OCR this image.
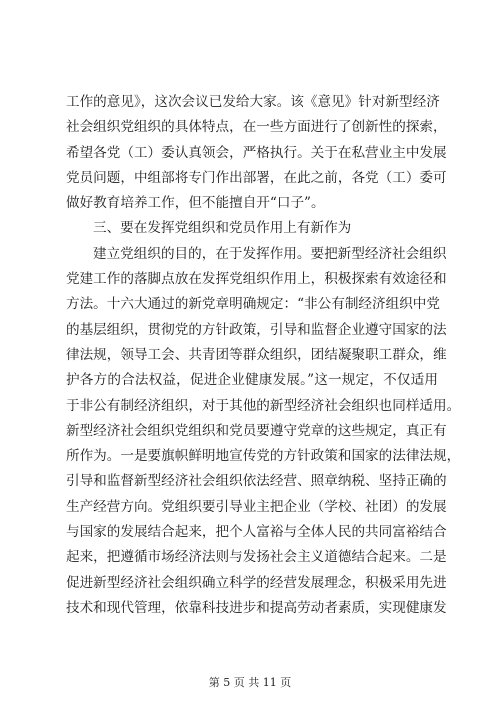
工作的意见》，这次会议已发给大家。该《意见》针对新型经济
社会组织党组织的具体特点，在一些方面进行了创新性的探索，
希望各党（工）委认真领会，严格执行。关于在私营业主中发展
党员问题，中组部将专门作出部署，在此之前，各党（工）委可
做好教育培养工作，但不能擅自开“口子”。
三、要在发挥党组织和党员作用上有新作为
建立党组织的目的，在于发挥作用。要把新型经济社会组织
党建工作的落脚点放在发挥党组织作用上，积极探索有效途径和
方法。十六大通过的新党章明确规定：“非公有制经济组织中党
的基层组织，贯彻党的方针政策，引导和监督企业遵守国家的法
律法规，领导工会、共青团等群众组织，团结凝聚职工群众，维
护各方的合法权益，促进企业健康发展。”这一规定，不仅适用
于非公有制经济组织，对于其他的新型经济社会组织也同样适用。
新型经济社会组织党组织和党员要遵守党章的这些规定，真正有
所作为。一是要旗帜鲜明地宣传党的方针政策和国家的法律法规，
引导和监督新型经济社会组织依法经营、照章纳税、坚持正确的
生产经营方向。党组织要引导业主把企业（学校、社团）的发展
与国家的发展结合起来，把个人富裕与全体人民的共同富裕结合
起来，把遵循市场经济法则与发扬社会主义道德结合起来。二是
促进新型经济社会组织确立科学的经营发展理念，积极采用先进
技术和现代管理，依靠科技进步和提高劳动者素质，实现健康发
第 5 页 共 11 页
